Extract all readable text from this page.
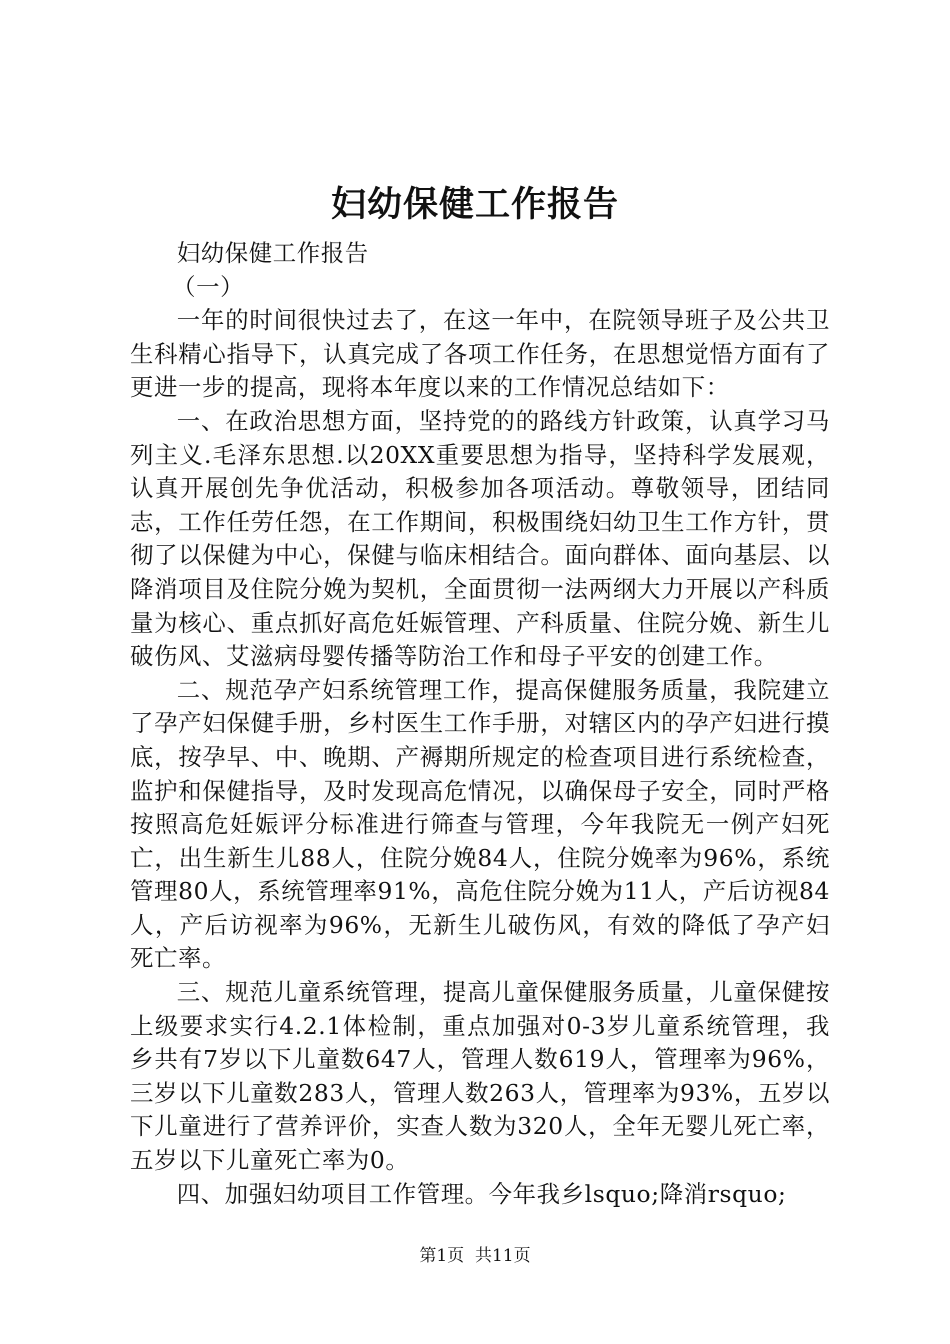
妇幼保健工作报告

妇幼保健工作报告

（一）

一年的时间很快过去了，在这一年中，在院领导班子及公共卫生科精心指导下，认真完成了各项工作任务，在思想觉悟方面有了更进一步的提高，现将本年度以来的工作情况总结如下：

一、在政治思想方面，坚持党的的路线方针政策，认真学习马列主义.毛泽东思想.以20XX重要思想为指导，坚持科学发展观，认真开展创先争优活动，积极参加各项活动。尊敬领导，团结同志，工作任劳任怨，在工作期间，积极围绕妇幼卫生工作方针，贯彻了以保健为中心，保健与临床相结合。面向群体、面向基层、以降消项目及住院分娩为契机，全面贯彻一法两纲大力开展以产科质量为核心、重点抓好高危妊娠管理、产科质量、住院分娩、新生儿破伤风、艾滋病母婴传播等防治工作和母子平安的创建工作。

二、规范孕产妇系统管理工作，提高保健服务质量，我院建立了孕产妇保健手册，乡村医生工作手册，对辖区内的孕产妇进行摸底，按孕早、中、晚期、产褥期所规定的检查项目进行系统检查，监护和保健指导，及时发现高危情况，以确保母子安全，同时严格按照高危妊娠评分标准进行筛查与管理，今年我院无一例产妇死亡，出生新生儿88人，住院分娩84人，住院分娩率为96%，系统管理80人，系统管理率91%，高危住院分娩为11人，产后访视84人，产后访视率为96%，无新生儿破伤风，有效的降低了孕产妇死亡率。

三、规范儿童系统管理，提高儿童保健服务质量，儿童保健按上级要求实行4.2.1体检制，重点加强对0-3岁儿童系统管理，我乡共有7岁以下儿童数647人，管理人数619人，管理率为96%，三岁以下儿童数283人，管理人数263人，管理率为93%，五岁以下儿童进行了营养评价，实查人数为320人，全年无婴儿死亡率，五岁以下儿童死亡率为0。

四、加强妇幼项目工作管理。今年我乡lsquo;降消rsquo;

第1页  共11页
